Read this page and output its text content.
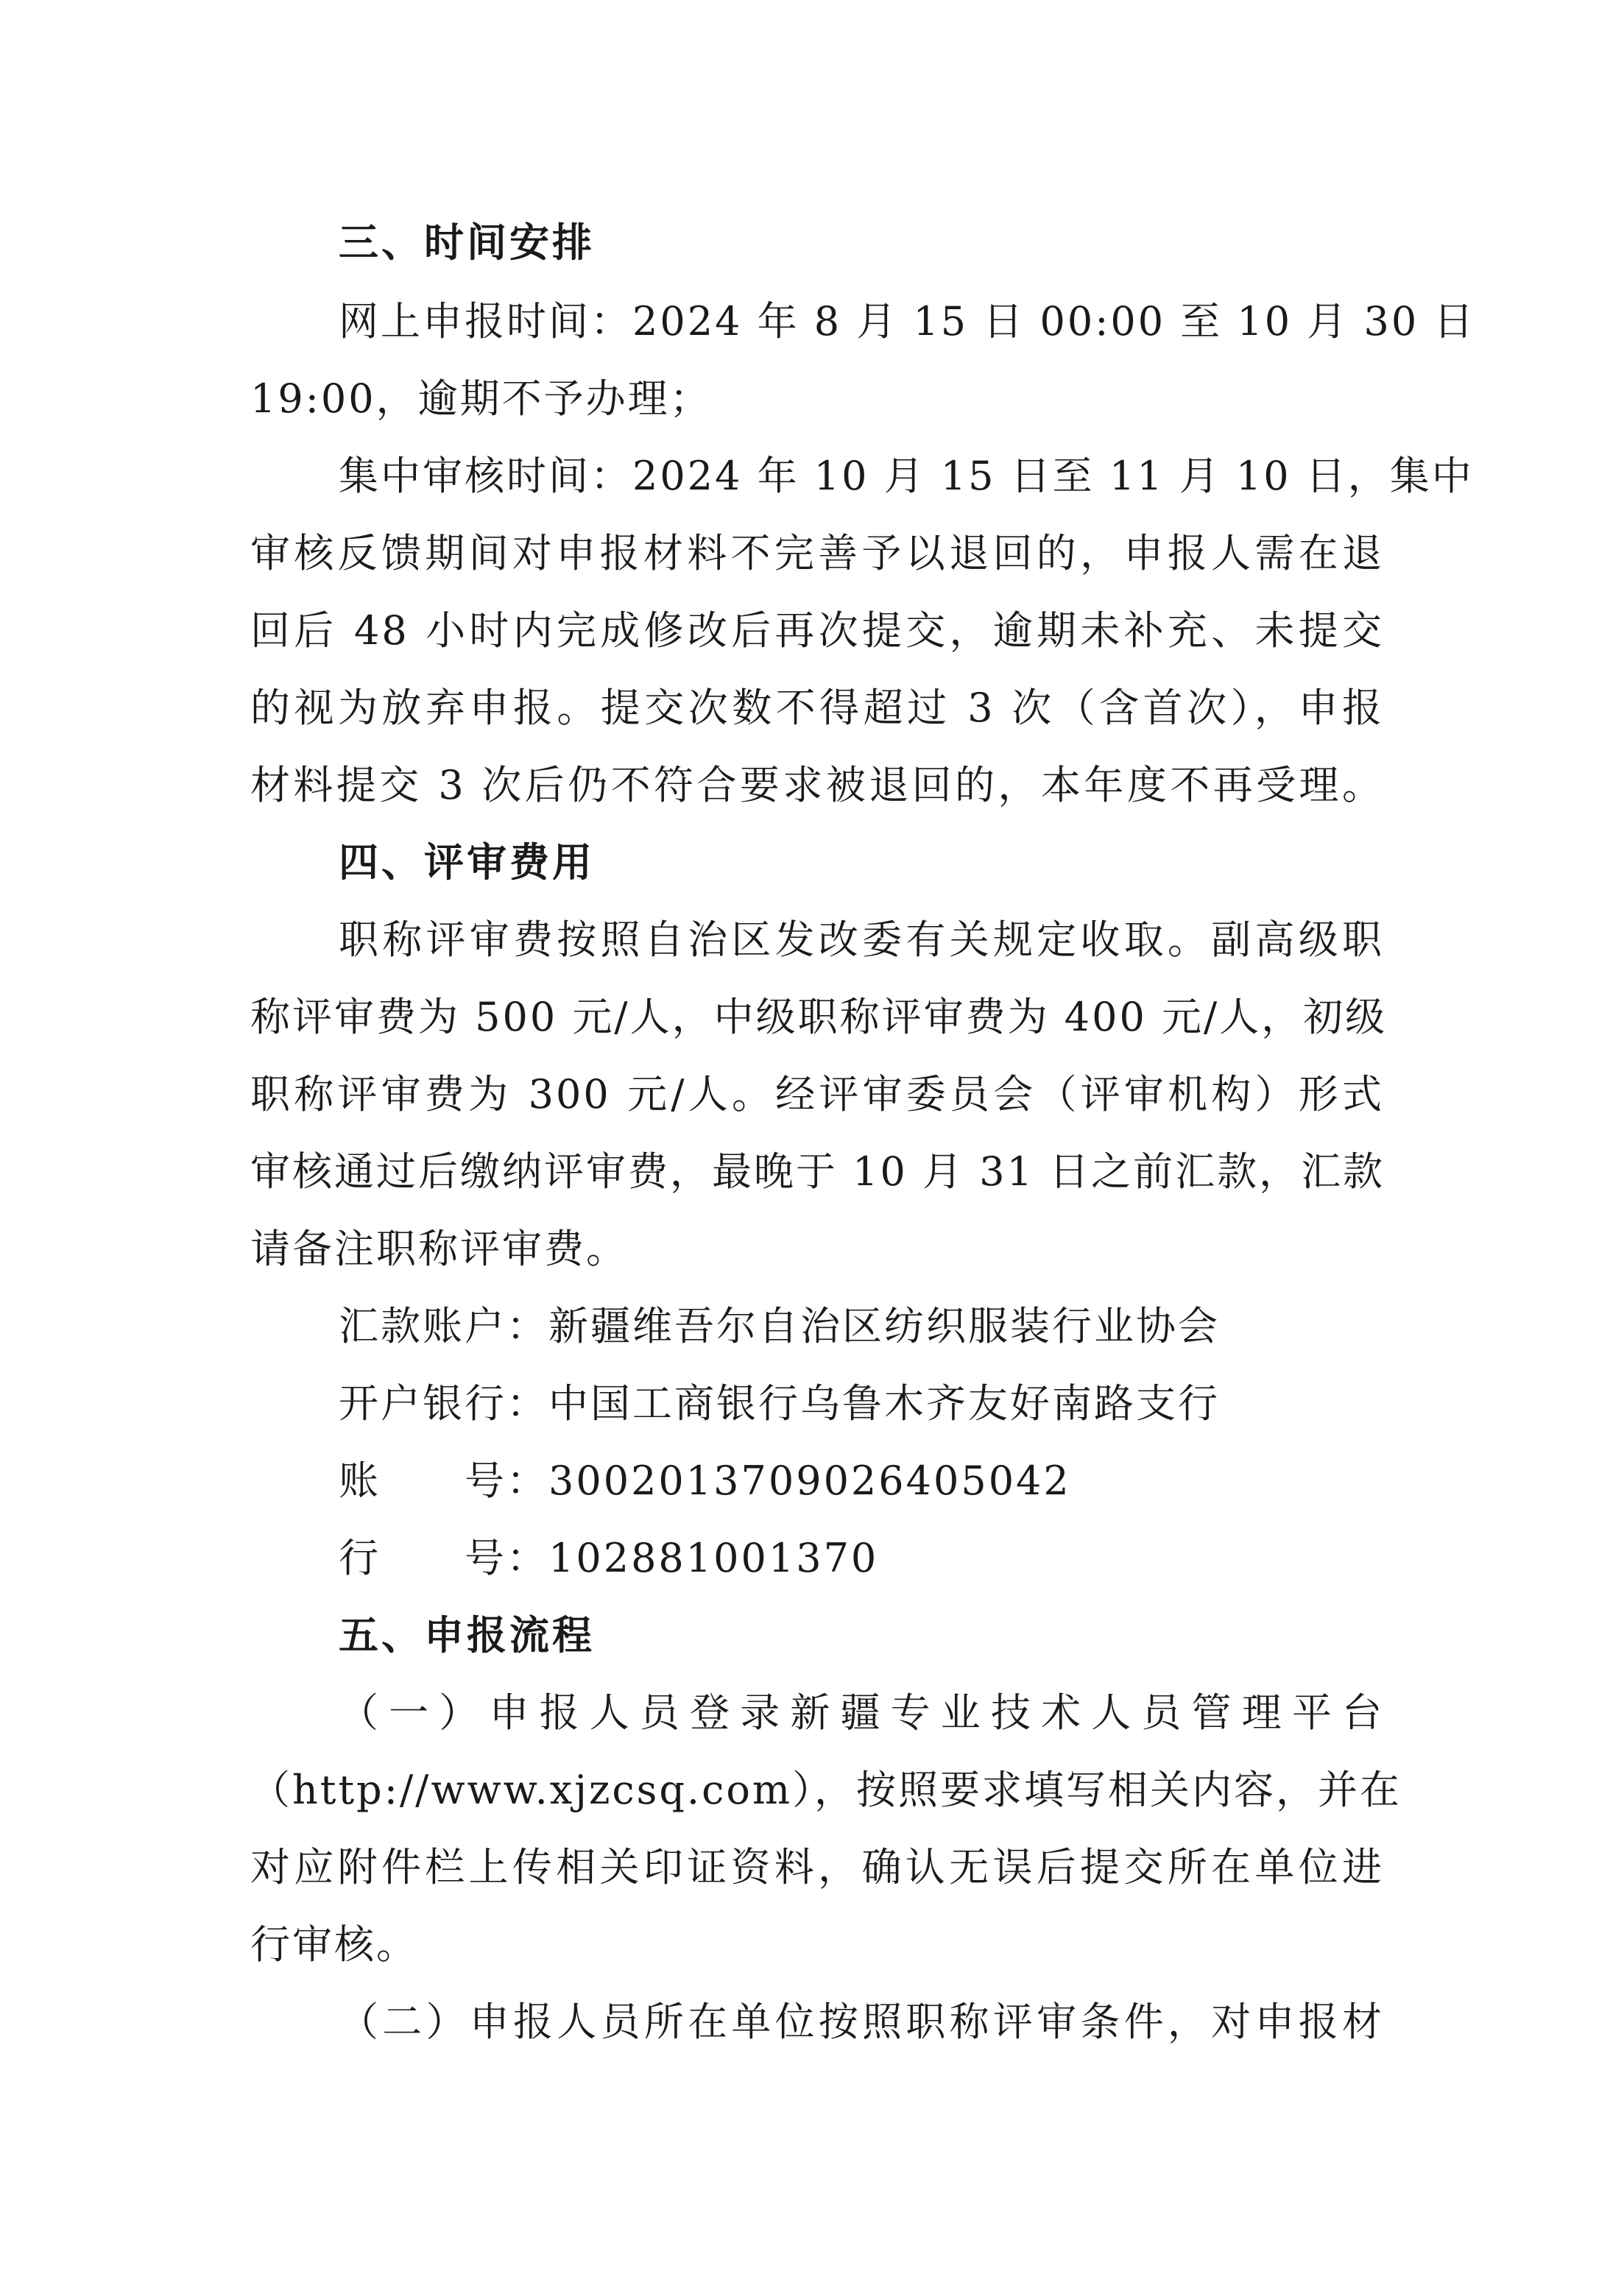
三、时间安排
网上申报时间：2024 年 8 月 15 日 00:00 至 10 月 30 日
19:00，逾期不予办理；
集中审核时间：2024 年 10 月 15 日至 11 月 10 日，集中
审核反馈期间对申报材料不完善予以退回的，申报人需在退
回后 48 小时内完成修改后再次提交，逾期未补充、未提交
的视为放弃申报。提交次数不得超过 3 次（含首次），申报
材料提交 3 次后仍不符合要求被退回的，本年度不再受理。
四、评审费用
职称评审费按照自治区发改委有关规定收取。副高级职
称评审费为 500 元/人，中级职称评审费为 400 元/人，初级
职称评审费为 300 元/人。经评审委员会（评审机构）形式
审核通过后缴纳评审费，最晚于 10 月 31 日之前汇款，汇款
请备注职称评审费。
汇款账户：新疆维吾尔自治区纺织服装行业协会
开户银行：中国工商银行乌鲁木齐友好南路支行
账　　号：3002013709026405042
行　　号：102881001370
五、申报流程
（一）申报人员登录新疆专业技术人员管理平台
（http://www.xjzcsq.com），按照要求填写相关内容，并在
对应附件栏上传相关印证资料，确认无误后提交所在单位进
行审核。
（二）申报人员所在单位按照职称评审条件，对申报材
